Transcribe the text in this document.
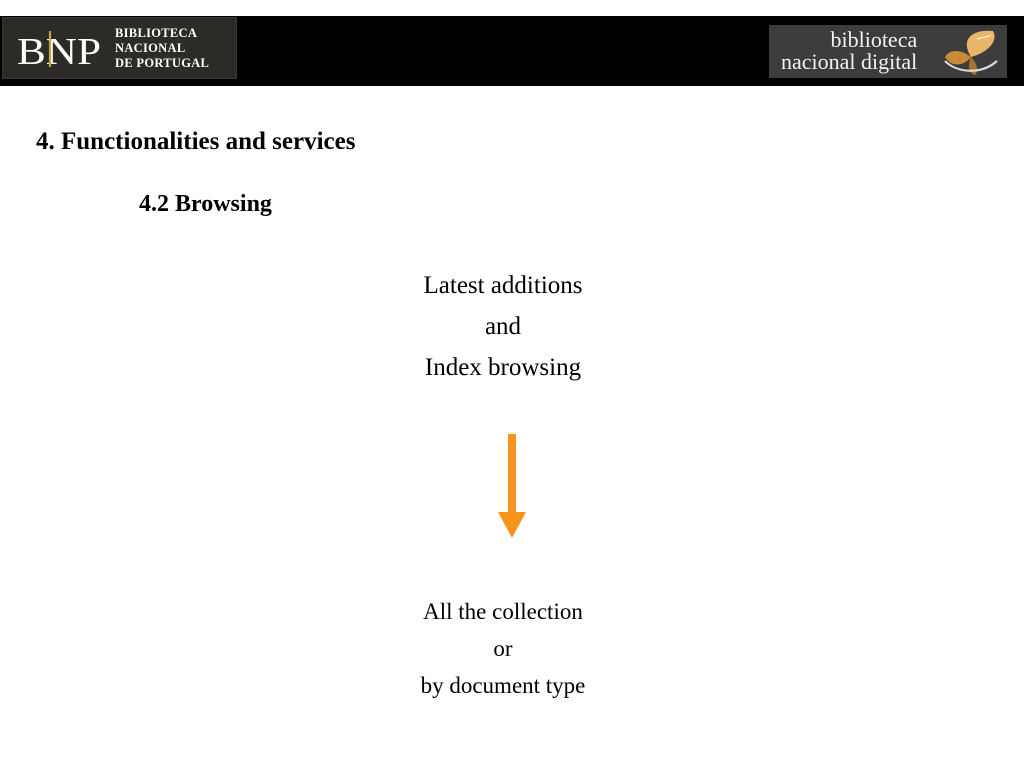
BNP BIBLIOTECA
NACIONAL
DE PORTUGAL
biblioteca
nacional digital
4. Functionalities and services
4.2 Browsing
Latest additions
and
Index browsing
All the collection
or
by document type
